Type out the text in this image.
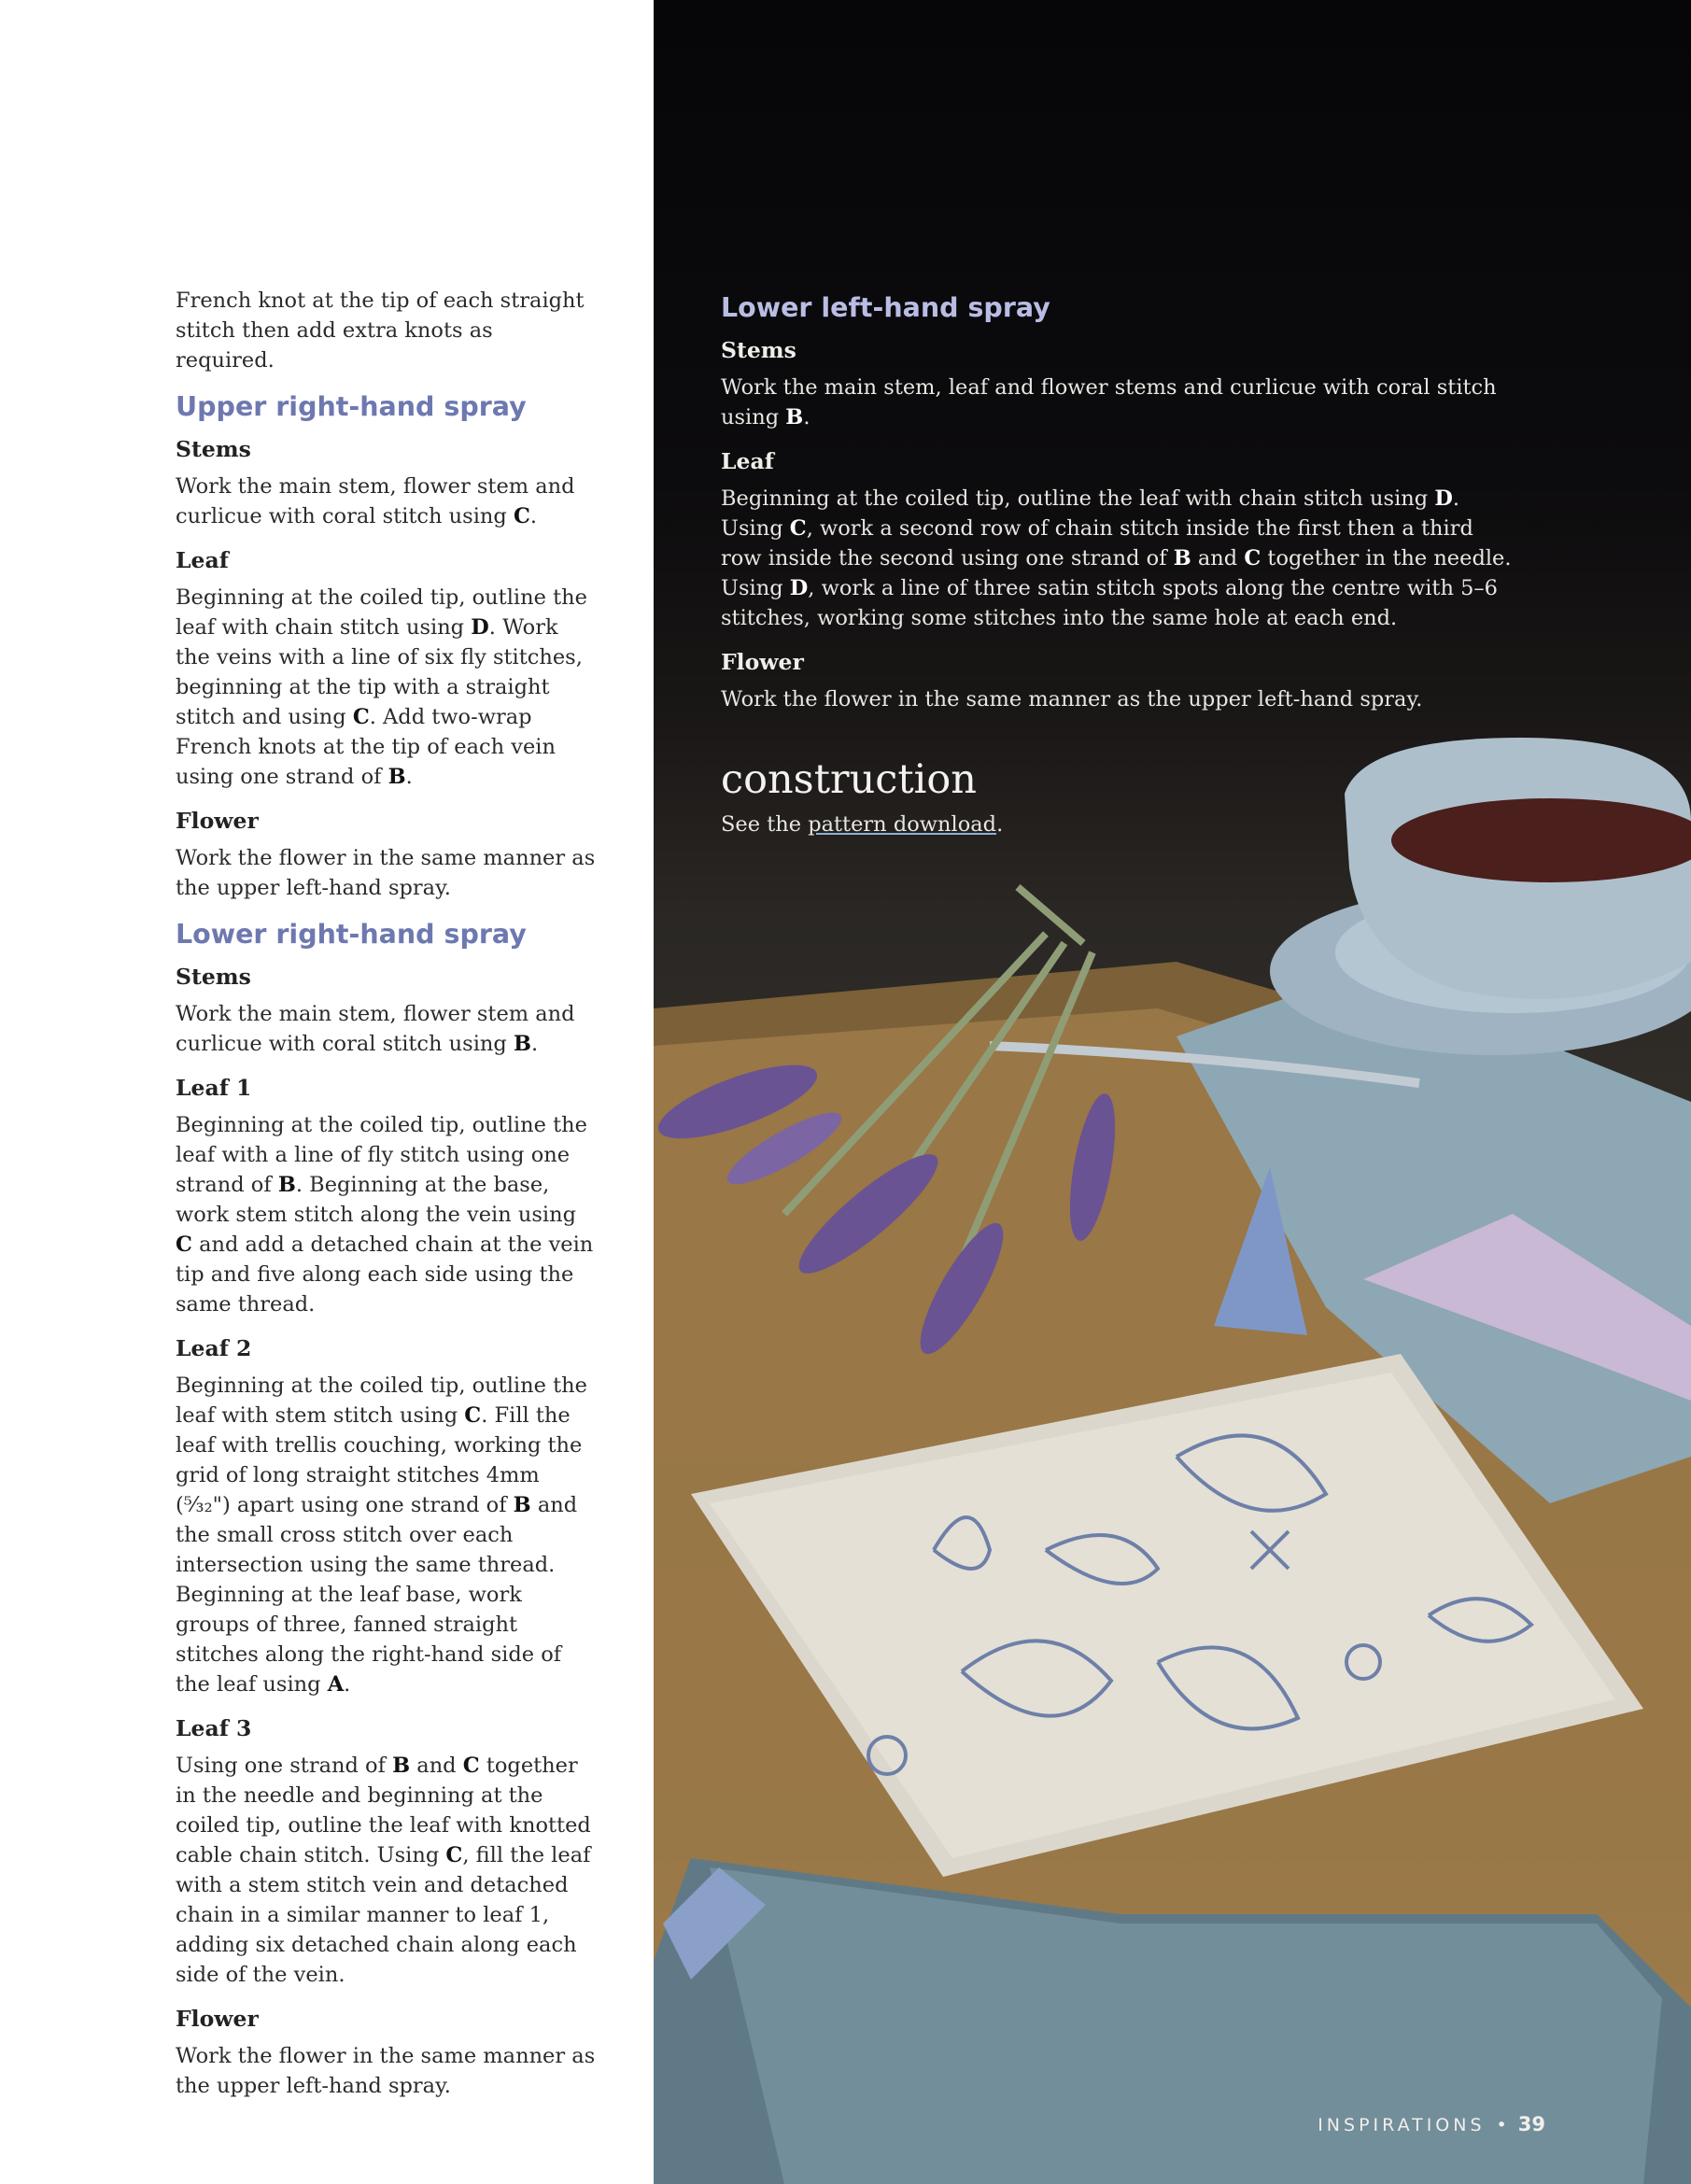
French knot at the tip of each straight stitch then add extra knots as required.

Upper right-hand spray
Stems

Work the main stem, flower stem and curlicue with coral stitch using C.

Leaf

Beginning at the coiled tip, outline the leaf with chain stitch using D. Work the veins with a line of six fly stitches, beginning at the tip with a straight stitch and using C. Add two-wrap French knots at the tip of each vein using one strand of B.

Flower

Work the flower in the same manner as the upper left-hand spray.

Lower right-hand spray
Stems

Work the main stem, flower stem and curlicue with coral stitch using B.

Leaf 1

Beginning at the coiled tip, outline the leaf with a line of fly stitch using one strand of B. Beginning at the base, work stem stitch along the vein using C and add a detached chain at the vein tip and five along each side using the same thread.

Leaf 2

Beginning at the coiled tip, outline the leaf with stem stitch using C. Fill the leaf with trellis couching, working the grid of long straight stitches 4mm (⁵⁄₃₂") apart using one strand of B and the small cross stitch over each intersection using the same thread. Beginning at the leaf base, work groups of three, fanned straight stitches along the right-hand side of the leaf using A.

Leaf 3

Using one strand of B and C together in the needle and beginning at the coiled tip, outline the leaf with knotted cable chain stitch. Using C, fill the leaf with a stem stitch vein and detached chain in a similar manner to leaf 1, adding six detached chain along each side of the vein.

Flower

Work the flower in the same manner as the upper left-hand spray.

Lower left-hand spray
Stems

Work the main stem, leaf and flower stems and curlicue with coral stitch using B.

Leaf

Beginning at the coiled tip, outline the leaf with chain stitch using D. Using C, work a second row of chain stitch inside the first then a third row inside the second using one strand of B and C together in the needle. Using D, work a line of three satin stitch spots along the centre with 5–6 stitches, working some stitches into the same hole at each end.

Flower

Work the flower in the same manner as the upper left-hand spray.

construction

See the pattern download.

INSPIRATIONS • 39
